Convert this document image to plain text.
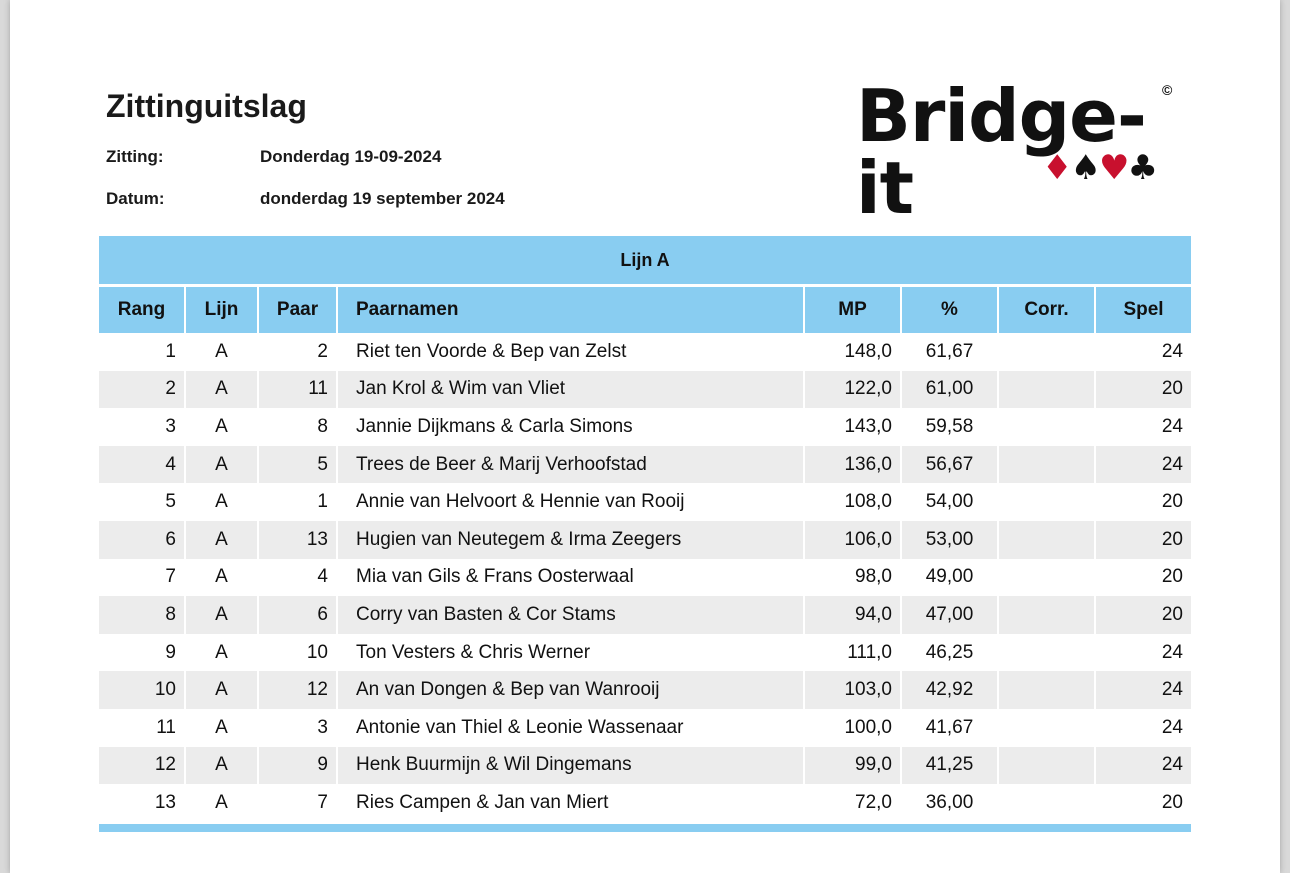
Zittinguitslag
Zitting:	Donderdag 19-09-2024
Datum:	donderdag 19 september 2024
Bridge-it
©
♦♠♥♣
Lijn A							
Rang	Lijn	Paar	Paarnamen	MP	%	Corr.	Spel
1	A	2	Riet ten Voorde & Bep van Zelst	148,0	61,67		24
2	A	11	Jan Krol & Wim van Vliet	122,0	61,00		20
3	A	8	Jannie Dijkmans & Carla Simons	143,0	59,58		24
4	A	5	Trees de Beer & Marij Verhoofstad	136,0	56,67		24
5	A	1	Annie van Helvoort & Hennie van Rooij	108,0	54,00		20
6	A	13	Hugien van Neutegem & Irma Zeegers	106,0	53,00		20
7	A	4	Mia van Gils & Frans Oosterwaal	98,0	49,00		20
8	A	6	Corry van Basten & Cor Stams	94,0	47,00		20
9	A	10	Ton Vesters & Chris Werner	111,0	46,25		24
10	A	12	An van Dongen & Bep van Wanrooij	103,0	42,92		24
11	A	3	Antonie van Thiel & Leonie Wassenaar	100,0	41,67		24
12	A	9	Henk Buurmijn & Wil Dingemans	99,0	41,25		24
13	A	7	Ries Campen & Jan van Miert	72,0	36,00		20
